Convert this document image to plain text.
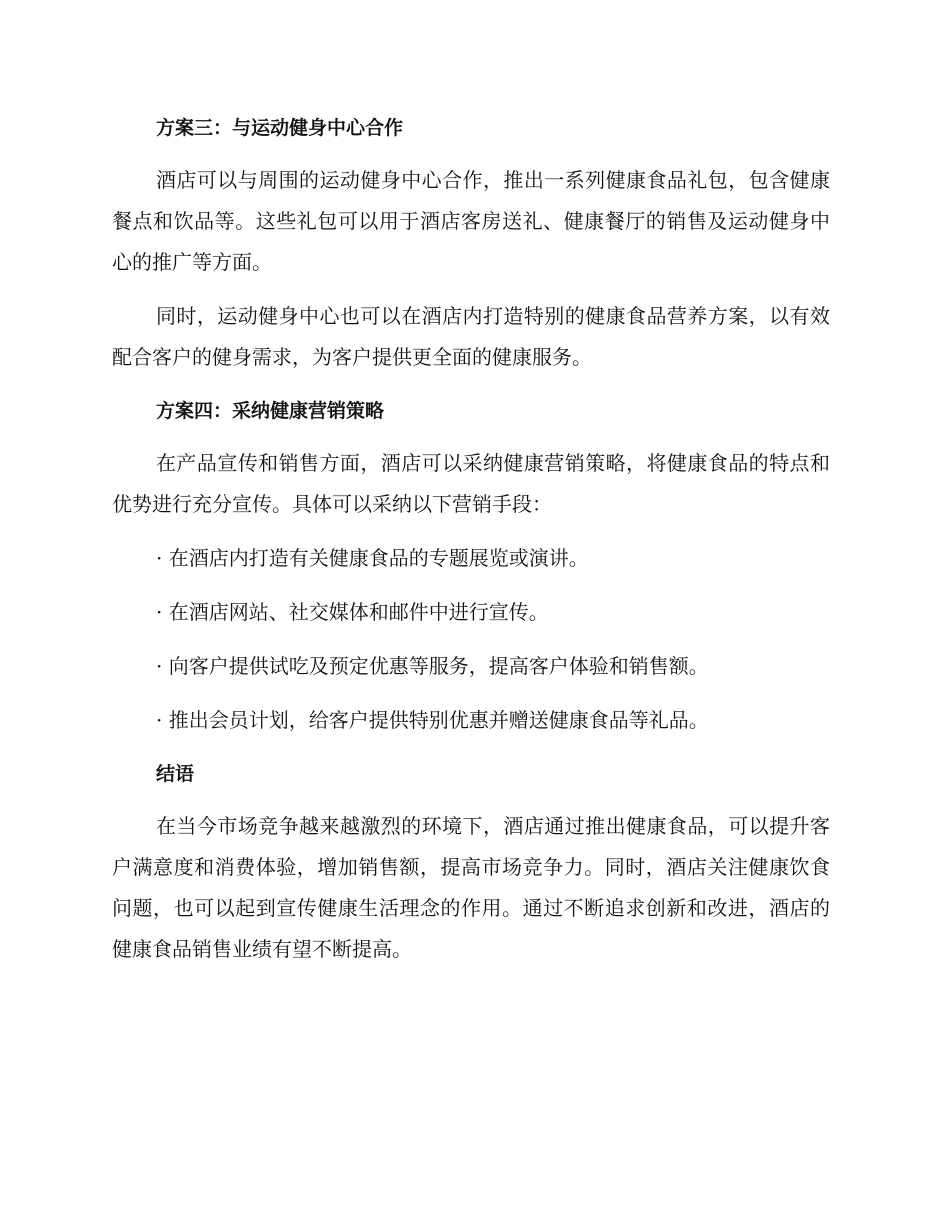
方案三：与运动健身中心合作

酒店可以与周围的运动健身中心合作，推出一系列健康食品礼包，包含健康餐点和饮品等。这些礼包可以用于酒店客房送礼、健康餐厅的销售及运动健身中心的推广等方面。

同时，运动健身中心也可以在酒店内打造特别的健康食品营养方案，以有效配合客户的健身需求，为客户提供更全面的健康服务。

方案四：采纳健康营销策略

在产品宣传和销售方面，酒店可以采纳健康营销策略，将健康食品的特点和优势进行充分宣传。具体可以采纳以下营销手段：

· 在酒店内打造有关健康食品的专题展览或演讲。

· 在酒店网站、社交媒体和邮件中进行宣传。

· 向客户提供试吃及预定优惠等服务，提高客户体验和销售额。

· 推出会员计划，给客户提供特别优惠并赠送健康食品等礼品。

结语

在当今市场竞争越来越激烈的环境下，酒店通过推出健康食品，可以提升客户满意度和消费体验，增加销售额，提高市场竞争力。同时，酒店关注健康饮食问题，也可以起到宣传健康生活理念的作用。通过不断追求创新和改进，酒店的健康食品销售业绩有望不断提高。
